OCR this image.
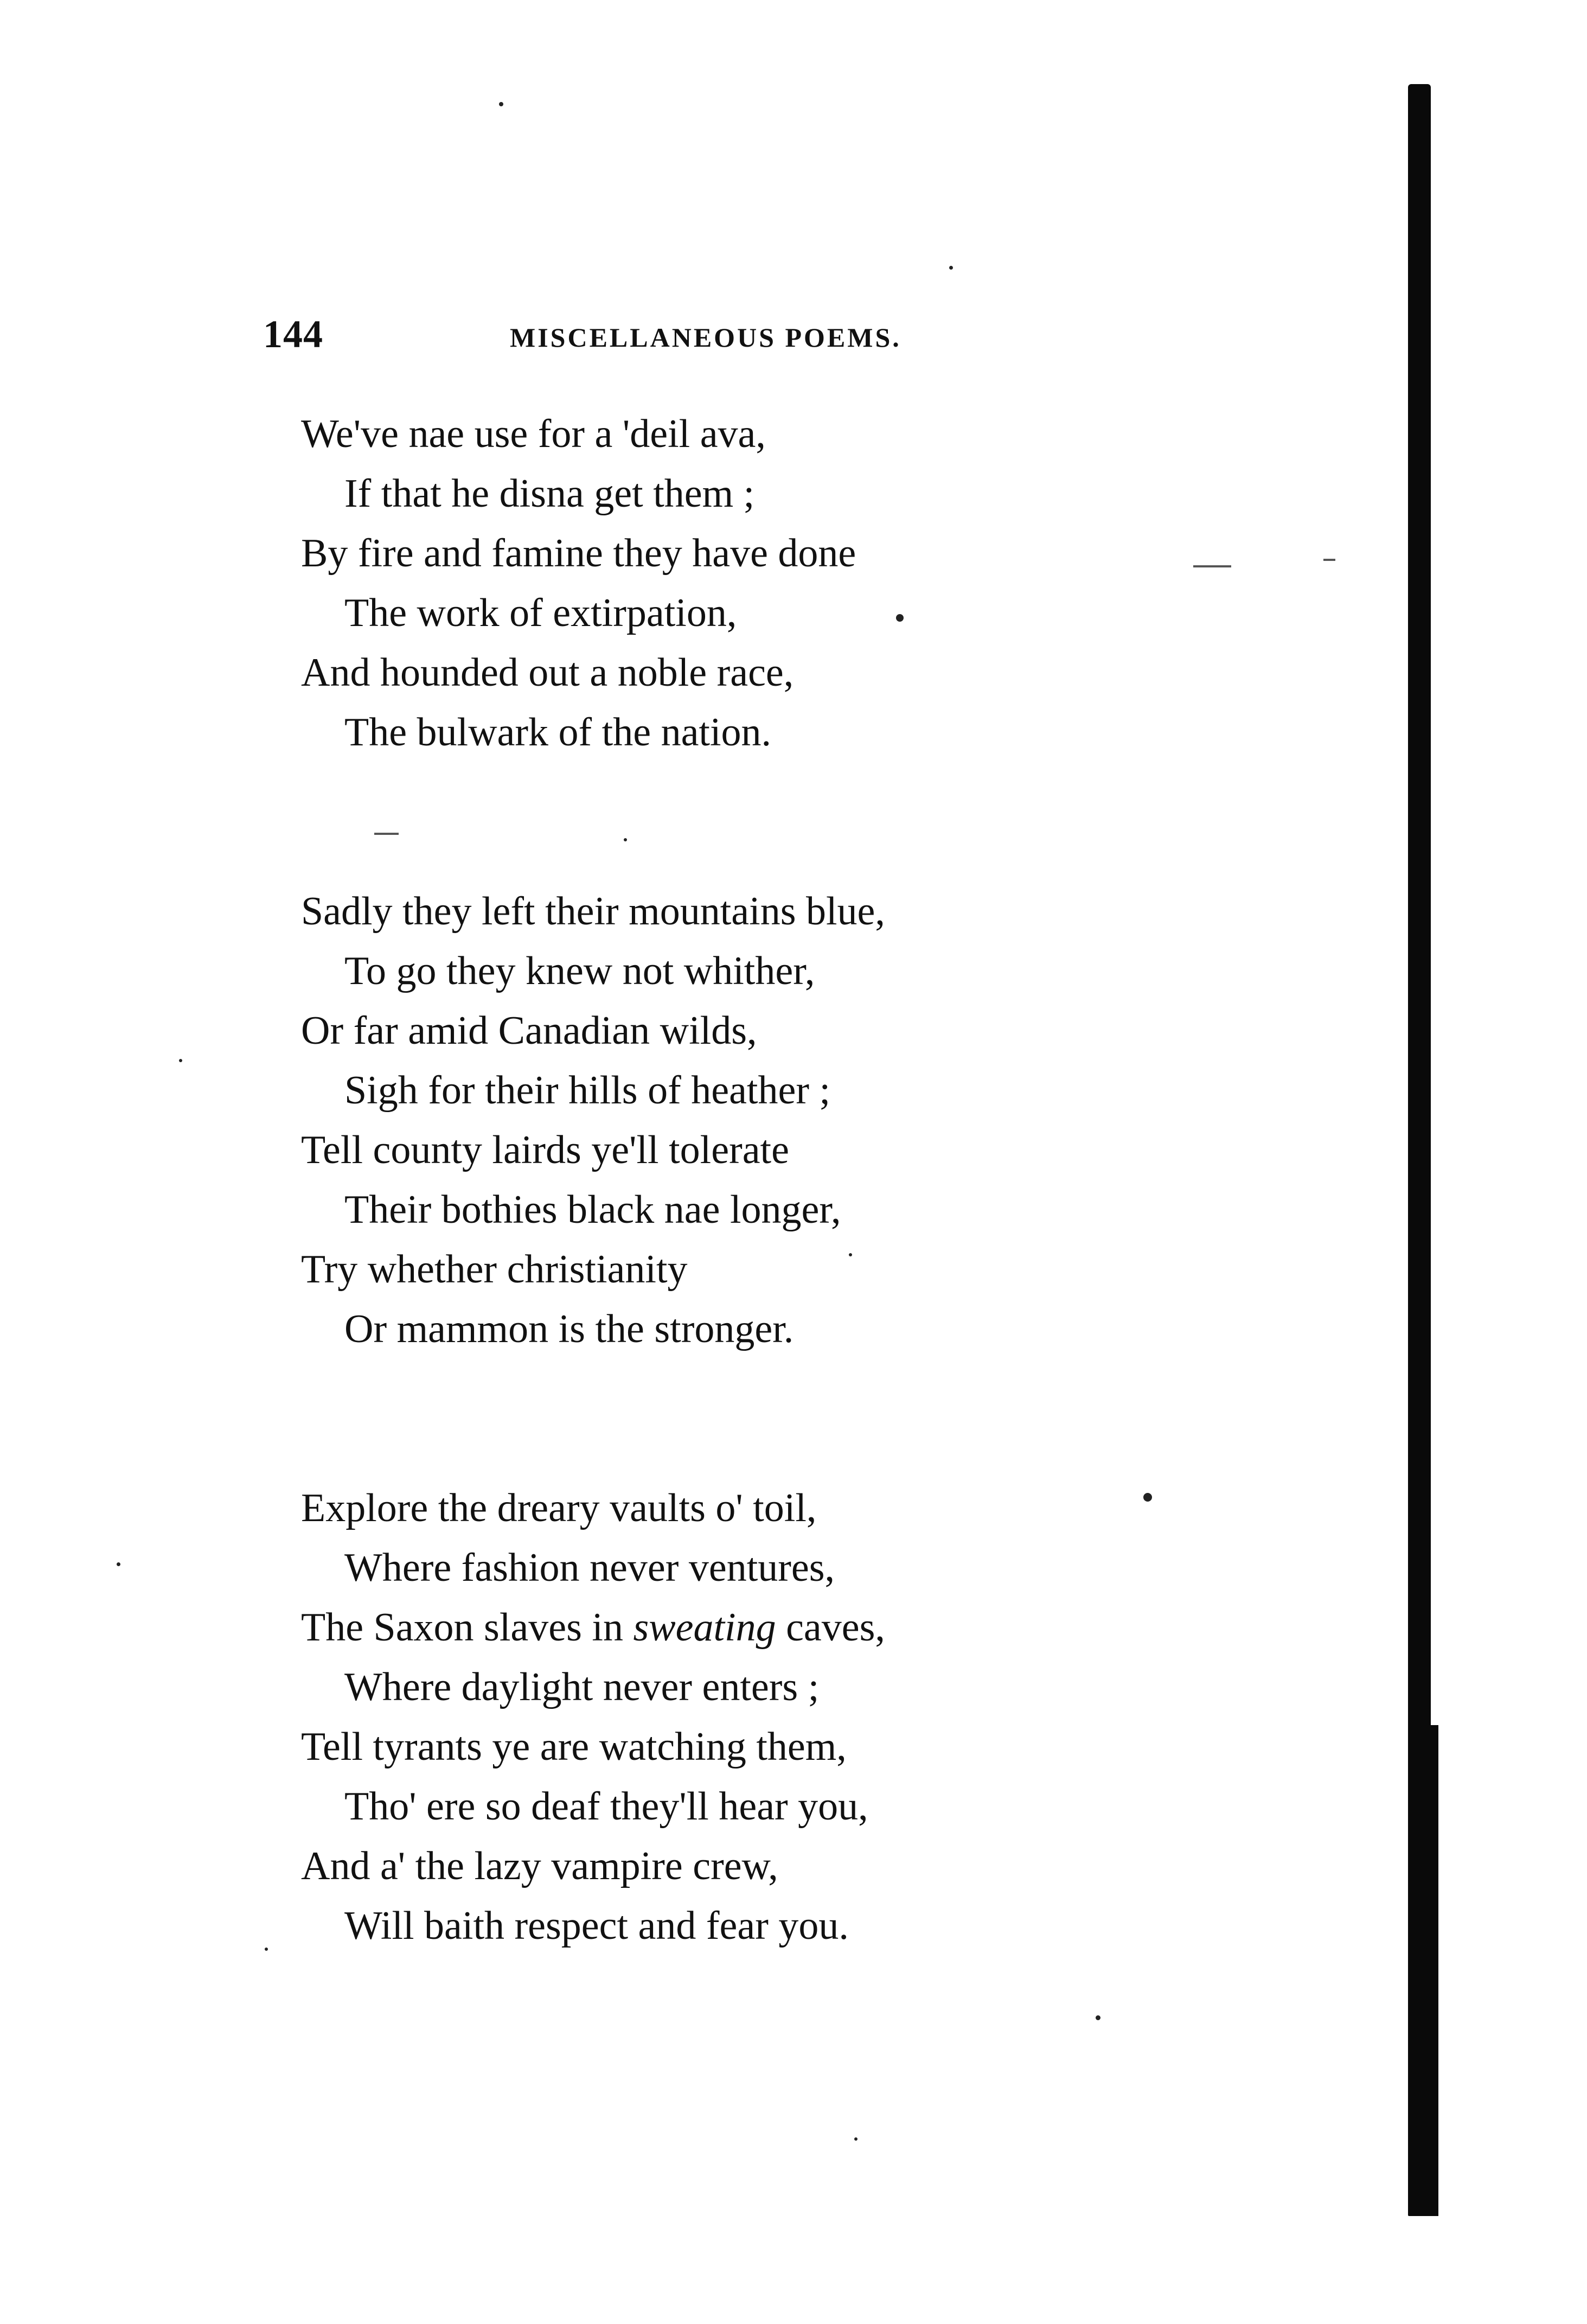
144	MISCELLANEOUS POEMS.
We've nae use for a 'deil ava,
If that he disna get them ;
By fire and famine they have done
The work of extirpation,
And hounded out a noble race,
The bulwark of the nation.
Sadly they left their mountains blue,
To go they knew not whither,
Or far amid Canadian wilds,
Sigh for their hills of heather ;
Tell county lairds ye'll tolerate
Their bothies black nae longer,
Try whether christianity
Or mammon is the stronger.
Explore the dreary vaults o' toil,
Where fashion never ventures,
The Saxon slaves in sweating caves,
Where daylight never enters ;
Tell tyrants ye are watching them,
Tho' ere so deaf they'll hear you,
And a' the lazy vampire crew,
Will baith respect and fear you.
